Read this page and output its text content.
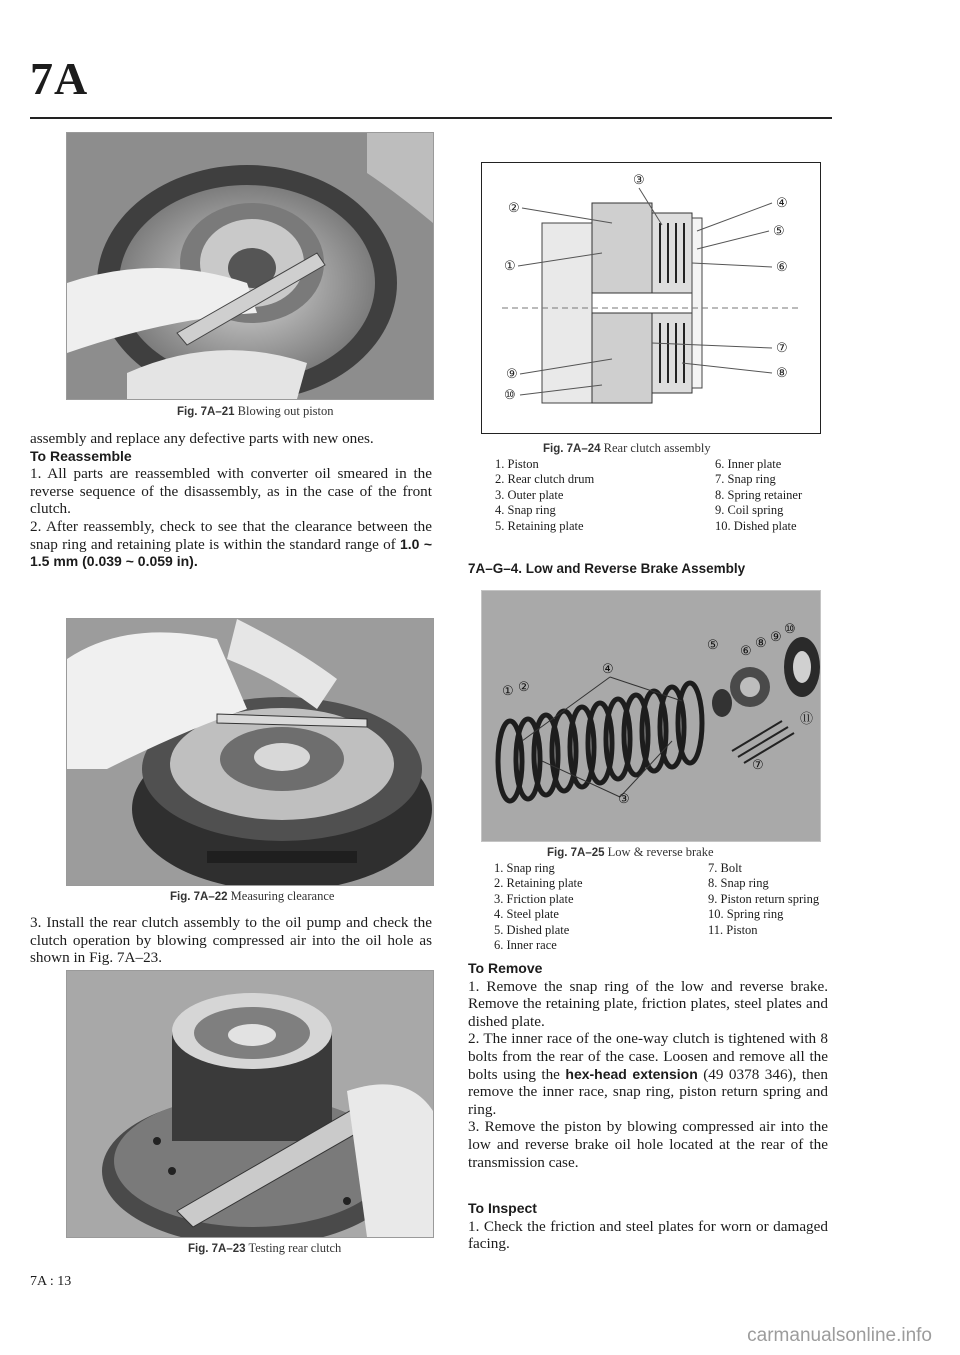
7A
Fig. 7A–21 Blowing out piston

assembly and replace any defective parts with new ones.

To Reassemble

1. All parts are reassembled with converter oil smeared in the reverse sequence of the disassembly, as in the case of the front clutch.

2. After reassembly, check to see that the clearance between the snap ring and retaining plate is within the standard range of 1.0 ~ 1.5 mm (0.039 ~ 0.059 in).

Fig. 7A–22 Measuring clearance

3. Install the rear clutch assembly to the oil pump and check the clutch operation by blowing compressed air into the oil hole as shown in Fig. 7A–23.

Fig. 7A–23 Testing rear clutch
7A : 13
①
②
③
④
⑤
⑥
⑦
⑧
⑨
⑩
Fig. 7A–24 Rear clutch assembly
1. Piston	6. Inner plate
2. Rear clutch drum	7. Snap ring
3. Outer plate	8. Spring retainer
4. Snap ring	9. Coil spring
5. Retaining plate	10. Dished plate
7A–G–4. Low and Reverse Brake Assembly
① ②
③
④
⑤ ⑥
⑦
⑧ ⑨
⑩
⑪
Fig. 7A–25 Low & reverse brake
1. Snap ring	7. Bolt
2. Retaining plate	8. Snap ring
3. Friction plate	9. Piston return spring
4. Steel plate	10. Spring ring
5. Dished plate	11. Piston
6. Inner race

To Remove

1. Remove the snap ring of the low and reverse brake. Remove the retaining plate, friction plates, steel plates and dished plate.

2. The inner race of the one-way clutch is tightened with 8 bolts from the rear of the case. Loosen and remove all the bolts using the hex-head extension (49 0378 346), then remove the inner race, snap ring, piston return spring and ring.

3. Remove the piston by blowing compressed air into the low and reverse brake oil hole located at the rear of the transmission case.

To Inspect

1. Check the friction and steel plates for worn or damaged facing.

carmanualsonline.info
